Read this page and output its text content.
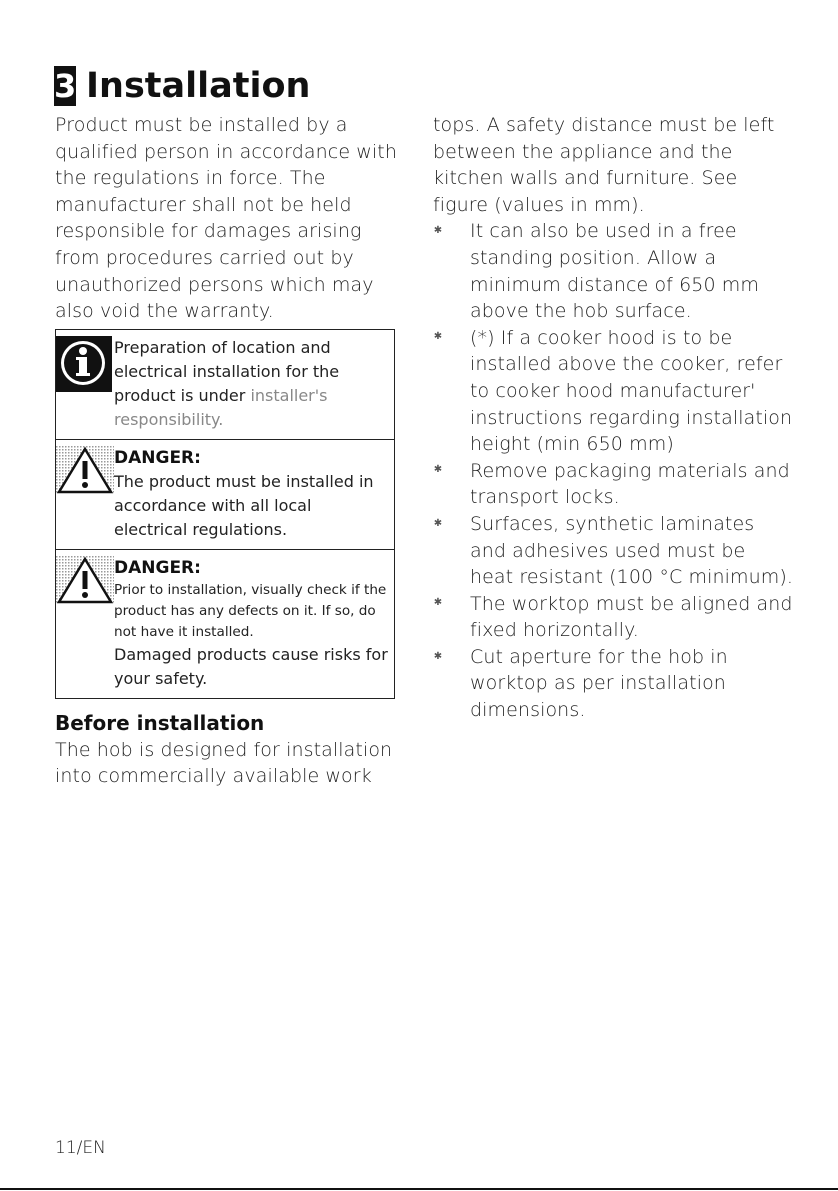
3 Installation

Product must be installed by a qualified person in accordance with the regulations in force. The manufacturer shall not be held responsible for damages arising from procedures carried out by unauthorized persons which may also void the warranty.

Preparation of location and electrical installation for the product is under installer's responsibility.

DANGER:

The product must be installed in accordance with all local electrical regulations.

DANGER:

Prior to installation, visually check if the product has any defects on it. If so, do not have it installed.

Damaged products cause risks for your safety.

Before installation

The hob is designed for installation into commercially available work

tops. A safety distance must be left between the appliance and the kitchen walls and furniture. See figure (values in mm).

✱ It can also be used in a free standing position. Allow a minimum distance of 650 mm above the hob surface.
✱ (*) If a cooker hood is to be installed above the cooker, refer to cooker hood manufacturer' instructions regarding installation height (min 650 mm)
✱ Remove packaging materials and transport locks.
✱ Surfaces, synthetic laminates and adhesives used must be heat resistant (100 °C minimum).
✱ The worktop must be aligned and fixed horizontally.
✱ Cut aperture for the hob in worktop as per installation dimensions.
11/EN
